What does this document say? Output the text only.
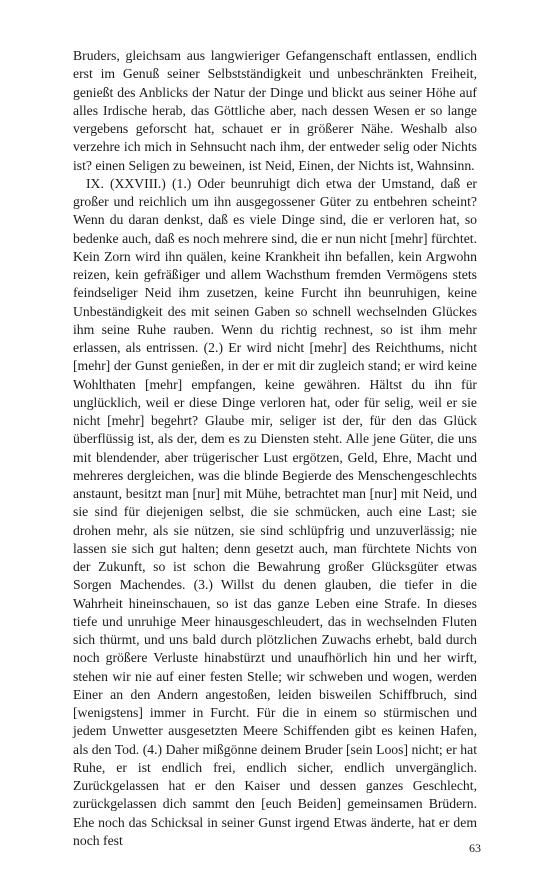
Bruders, gleichsam aus langwieriger Gefangenschaft entlassen, endlich erst im Genuß seiner Selbstständigkeit und unbeschränkten Freiheit, genießt des Anblicks der Natur der Dinge und blickt aus seiner Höhe auf alles Irdische herab, das Göttliche aber, nach dessen Wesen er so lange vergebens geforscht hat, schauet er in größerer Nähe. Weshalb also verzehre ich mich in Sehnsucht nach ihm, der entweder selig oder Nichts ist? einen Seligen zu beweinen, ist Neid, Einen, der Nichts ist, Wahnsinn.

IX. (XXVIII.) (1.) Oder beunruhigt dich etwa der Umstand, daß er großer und reichlich um ihn ausgegossener Güter zu entbehren scheint? Wenn du daran denkst, daß es viele Dinge sind, die er verloren hat, so bedenke auch, daß es noch mehrere sind, die er nun nicht [mehr] fürchtet. Kein Zorn wird ihn quälen, keine Krankheit ihn befallen, kein Argwohn reizen, kein gefräßiger und allem Wachsthum fremden Vermögens stets feindseliger Neid ihm zusetzen, keine Furcht ihn beunruhigen, keine Unbeständigkeit des mit seinen Gaben so schnell wechselnden Glückes ihm seine Ruhe rauben. Wenn du richtig rechnest, so ist ihm mehr erlassen, als entrissen. (2.) Er wird nicht [mehr] des Reichthums, nicht [mehr] der Gunst genießen, in der er mit dir zugleich stand; er wird keine Wohlthaten [mehr] empfangen, keine gewähren. Hältst du ihn für unglücklich, weil er diese Dinge verloren hat, oder für selig, weil er sie nicht [mehr] begehrt? Glaube mir, seliger ist der, für den das Glück überflüssig ist, als der, dem es zu Diensten steht. Alle jene Güter, die uns mit blendender, aber trügerischer Lust ergötzen, Geld, Ehre, Macht und mehreres dergleichen, was die blinde Begierde des Menschengeschlechts anstaunt, besitzt man [nur] mit Mühe, betrachtet man [nur] mit Neid, und sie sind für diejenigen selbst, die sie schmücken, auch eine Last; sie drohen mehr, als sie nützen, sie sind schlüpfrig und unzuverlässig; nie lassen sie sich gut halten; denn gesetzt auch, man fürchtete Nichts von der Zukunft, so ist schon die Bewahrung großer Glücksgüter etwas Sorgen Machendes. (3.) Willst du denen glauben, die tiefer in die Wahrheit hineinschauen, so ist das ganze Leben eine Strafe. In dieses tiefe und unruhige Meer hinausgeschleudert, das in wechselnden Fluten sich thürmt, und uns bald durch plötzlichen Zuwachs erhebt, bald durch noch größere Verluste hinabstürzt und unaufhörlich hin und her wirft, stehen wir nie auf einer festen Stelle; wir schweben und wogen, werden Einer an den Andern angestoßen, leiden bisweilen Schiffbruch, sind [wenigstens] immer in Furcht. Für die in einem so stürmischen und jedem Unwetter ausgesetzten Meere Schiffenden gibt es keinen Hafen, als den Tod. (4.) Daher mißgönne deinem Bruder [sein Loos] nicht; er hat Ruhe, er ist endlich frei, endlich sicher, endlich unvergänglich. Zurückgelassen hat er den Kaiser und dessen ganzes Geschlecht, zurückgelassen dich sammt den [euch Beiden] gemeinsamen Brüdern. Ehe noch das Schicksal in seiner Gunst irgend Etwas änderte, hat er dem noch fest

63
